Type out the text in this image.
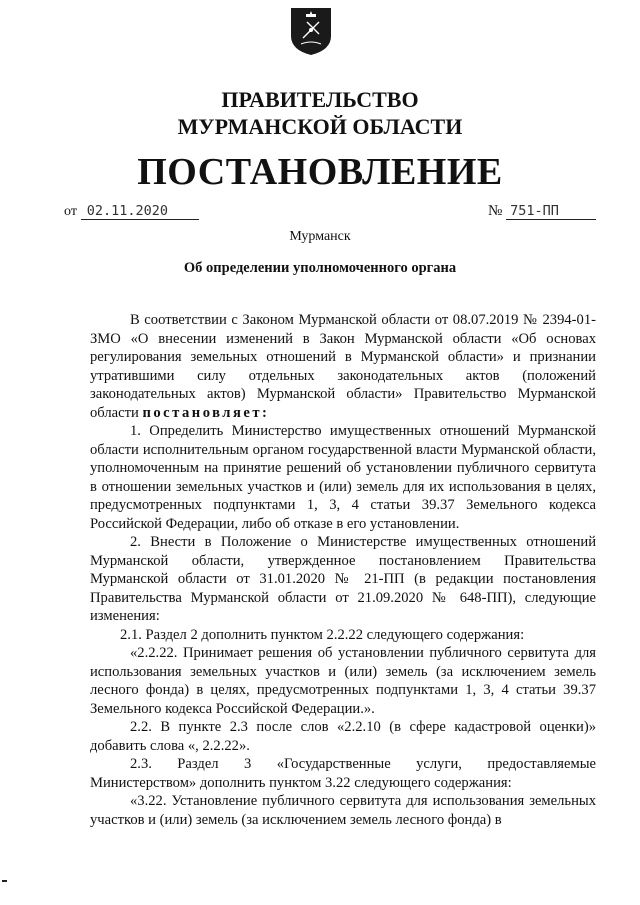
ПРАВИТЕЛЬСТВО
МУРМАНСКОЙ ОБЛАСТИ
ПОСТАНОВЛЕНИЕ
от 02.11.2020	№ 751-ПП
Мурманск
Об определении уполномоченного органа

В соответствии с Законом Мурманской области от 08.07.2019 № 2394-01-ЗМО «О внесении изменений в Закон Мурманской области «Об основах регулирования земельных отношений в Мурманской области» и признании утратившими силу отдельных законодательных актов (положений законодательных актов) Мурманской области» Правительство Мурманской области постановляет:

1. Определить Министерство имущественных отношений Мурманской области исполнительным органом государственной власти Мурманской области, уполномоченным на принятие решений об установлении публичного сервитута в отношении земельных участков и (или) земель для их использования в целях, предусмотренных подпунктами 1, 3, 4 статьи 39.37 Земельного кодекса Российской Федерации, либо об отказе в его установлении.

2. Внести в Положение о Министерстве имущественных отношений Мурманской области, утвержденное постановлением Правительства Мурманской области от 31.01.2020 № 21-ПП (в редакции постановления Правительства Мурманской области от 21.09.2020 № 648-ПП), следующие изменения:

2.1. Раздел 2 дополнить пунктом 2.2.22 следующего содержания:

«2.2.22. Принимает решения об установлении публичного сервитута для использования земельных участков и (или) земель (за исключением земель лесного фонда) в целях, предусмотренных подпунктами 1, 3, 4 статьи 39.37 Земельного кодекса Российской Федерации.».

2.2. В пункте 2.3 после слов «2.2.10 (в сфере кадастровой оценки)» добавить слова «, 2.2.22».

2.3. Раздел 3 «Государственные услуги, предоставляемые Министерством» дополнить пунктом 3.22 следующего содержания:

«3.22. Установление публичного сервитута для использования земельных участков и (или) земель (за исключением земель лесного фонда) в
